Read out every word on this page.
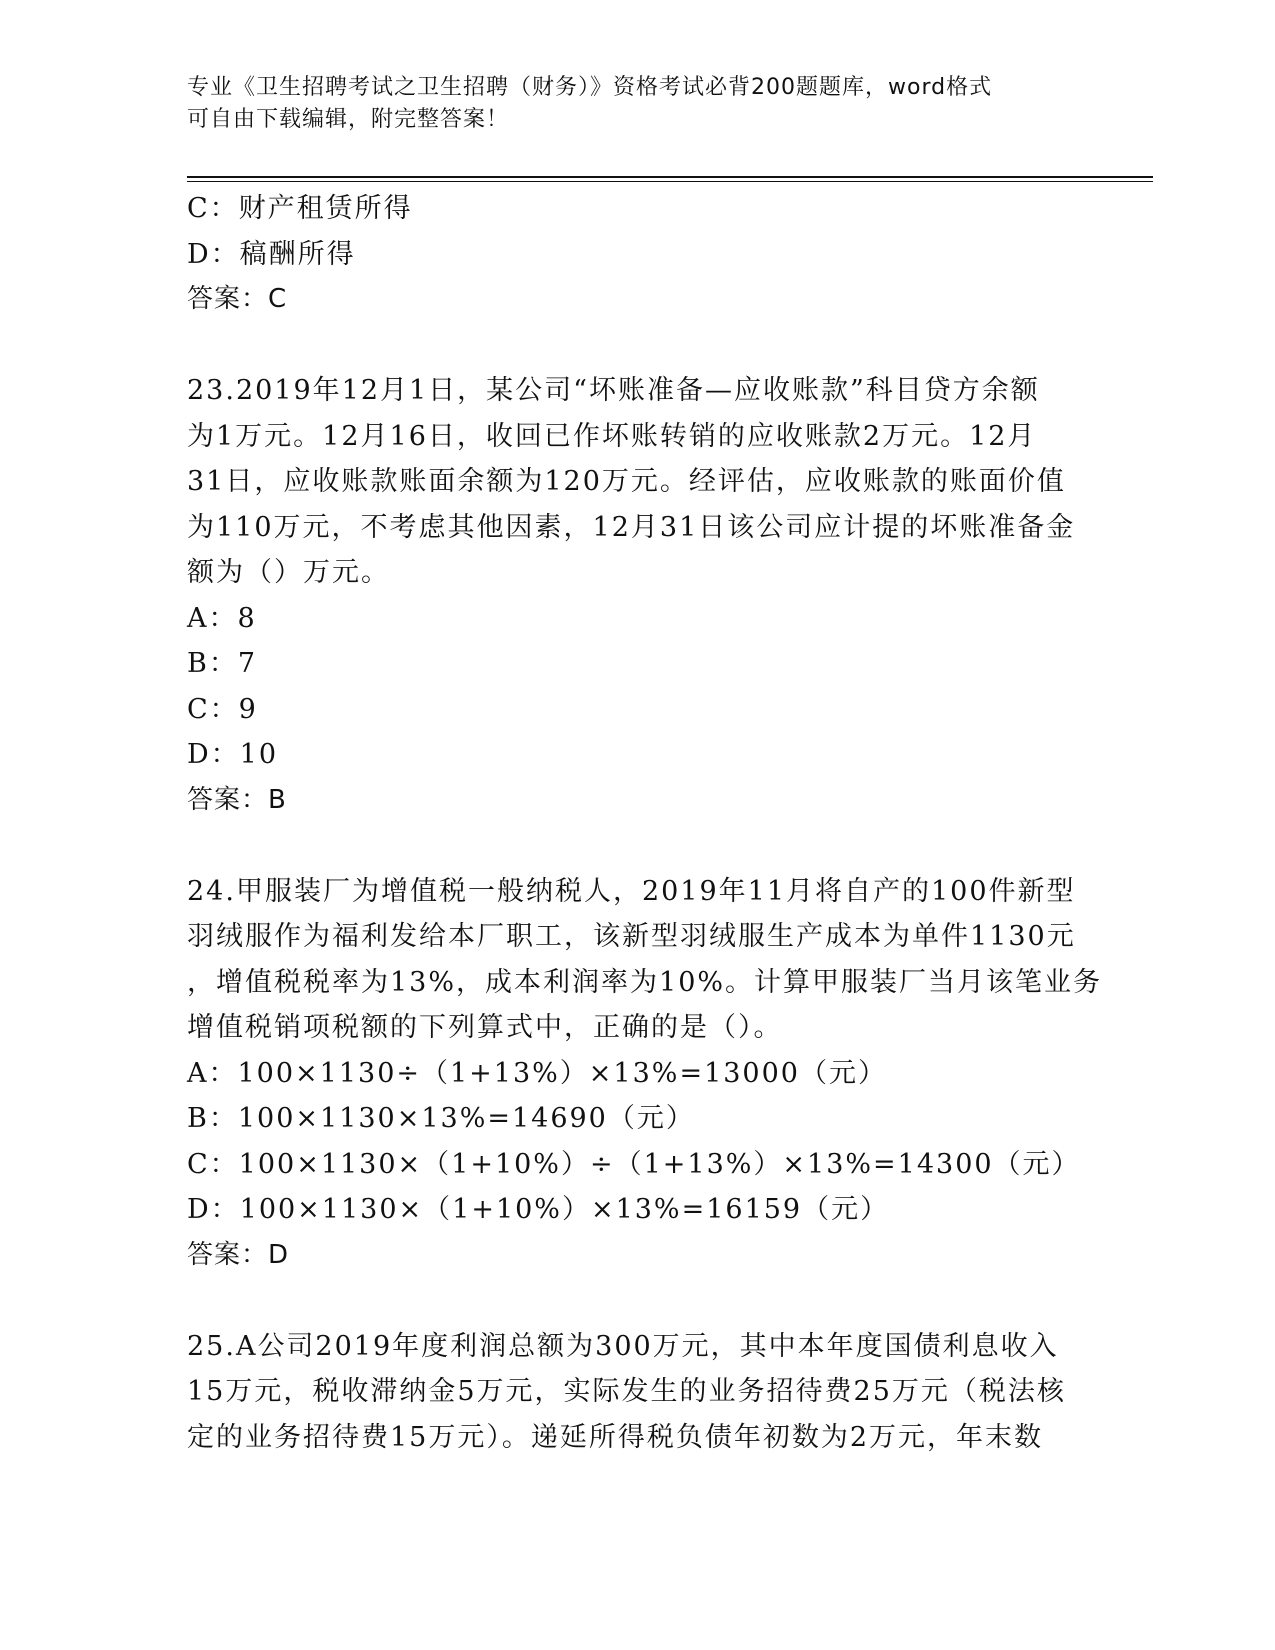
专业《卫生招聘考试之卫生招聘（财务）》资格考试必背200题题库，word格式
可自由下载编辑，附完整答案！
C：财产租赁所得
D：稿酬所得
答案：C
23.2019年12月1日，某公司“坏账准备—应收账款”科目贷方余额
为1万元。12月16日，收回已作坏账转销的应收账款2万元。12月
31日，应收账款账面余额为120万元。经评估，应收账款的账面价值
为110万元，不考虑其他因素，12月31日该公司应计提的坏账准备金
额为（）万元。
A：8
B：7
C：9
D：10
答案：B
24.甲服装厂为增值税一般纳税人，2019年11月将自产的100件新型
羽绒服作为福利发给本厂职工，该新型羽绒服生产成本为单件1130元
，增值税税率为13%，成本利润率为10%。计算甲服装厂当月该笔业务
增值税销项税额的下列算式中，正确的是（）。
A：100×1130÷（1+13%）×13%=13000（元）
B：100×1130×13%=14690（元）
C：100×1130×（1+10%）÷（1+13%）×13%=14300（元）
D：100×1130×（1+10%）×13%=16159（元）
答案：D
25.A公司2019年度利润总额为300万元，其中本年度国债利息收入
15万元，税收滞纳金5万元，实际发生的业务招待费25万元（税法核
定的业务招待费15万元）。递延所得税负债年初数为2万元，年末数
